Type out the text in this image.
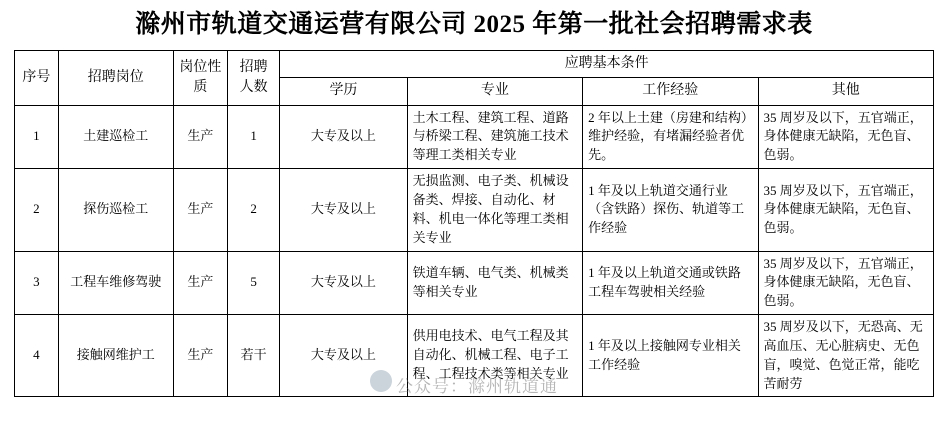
滁州市轨道交通运营有限公司 2025 年第一批社会招聘需求表
序号	招聘岗位	岗位性质	招聘人数	应聘基本条件			
				学历	专业	工作经验	其他
1	土建巡检工	生产	1	大专及以上	土木工程、建筑工程、道路与桥梁工程、建筑施工技术等理工类相关专业	2 年以上土建（房建和结构）维护经验，有堵漏经验者优先。	35 周岁及以下，五官端正，身体健康无缺陷，无色盲、色弱。
2	探伤巡检工	生产	2	大专及以上	无损监测、电子类、机械设备类、焊接、自动化、材料、机电一体化等理工类相关专业	1 年及以上轨道交通行业（含铁路）探伤、轨道等工作经验	35 周岁及以下，五官端正，身体健康无缺陷，无色盲、色弱。
3	工程车维修驾驶	生产	5	大专及以上	铁道车辆、电气类、机械类等相关专业	1 年及以上轨道交通或铁路工程车驾驶相关经验	35 周岁及以下，五官端正，身体健康无缺陷，无色盲、色弱。
4	接触网维护工	生产	若干	大专及以上	供用电技术、电气工程及其自动化、机械工程、电子工程、工程技术类等相关专业	1 年及以上接触网专业相关工作经验	35 周岁及以下，无恐高、无高血压、无心脏病史、无色盲，嗅觉、色觉正常，能吃苦耐劳
公众号：滁州轨道通
